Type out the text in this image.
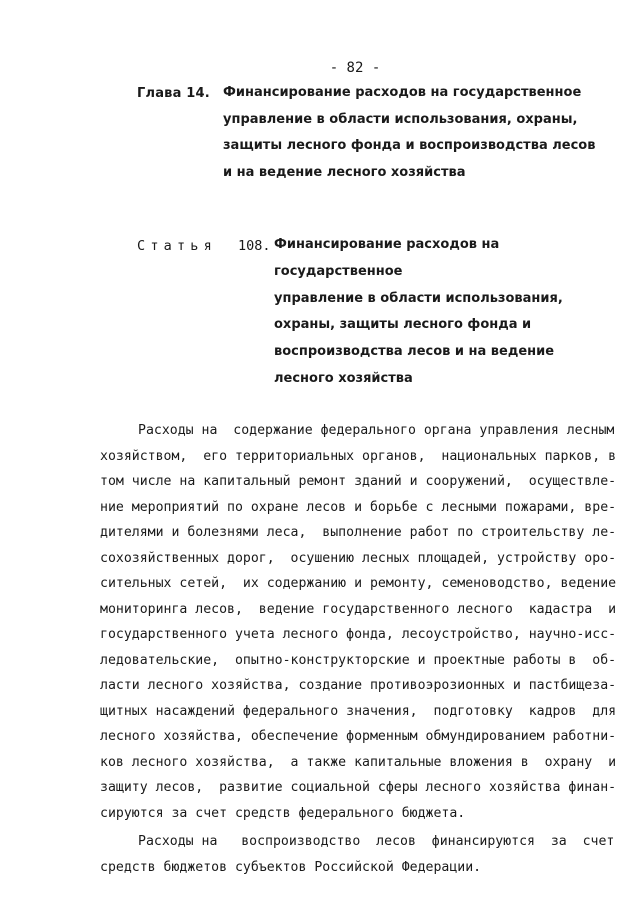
- 82 -
Глава 14. Финансирование расходов на государственное
управление в области использования, охраны,
защиты лесного фонда и воспроизводства лесов
и на ведение лесного хозяйства
Статья 108. Финансирование расходов на государственное
управление в области использования,
охраны, защиты лесного фонда и
воспроизводства лесов и на ведение
лесного хозяйства
Расходы на  содержание федерального органа управления лесным
хозяйством,  его территориальных органов,  национальных парков, в
том числе на капитальный ремонт зданий и сооружений,  осуществле-
ние мероприятий по охране лесов и борьбе с лесными пожарами, вре-
дителями и болезнями леса,  выполнение работ по строительству ле-
сохозяйственных дорог,  осушению лесных площадей, устройству оро-
сительных сетей,  их содержанию и ремонту, семеноводство, ведение
мониторинга лесов,  ведение государственного лесного  кадастра  и
государственного учета лесного фонда, лесоустройство, научно-исс-
ледовательские,  опытно-конструкторские и проектные работы в  об-
ласти лесного хозяйства, создание противоэрозионных и пастбищеза-
щитных насаждений федерального значения,  подготовку  кадров  для
лесного хозяйства, обеспечение форменным обмундированием работни-
ков лесного хозяйства,  а также капитальные вложения в  охрану  и
защиту лесов,  развитие социальной сферы лесного хозяйства финан-
сируются за счет средств федерального бюджета.
Расходы на   воспроизводство  лесов  финансируются  за  счет
средств бюджетов субъектов Российской Федерации.
